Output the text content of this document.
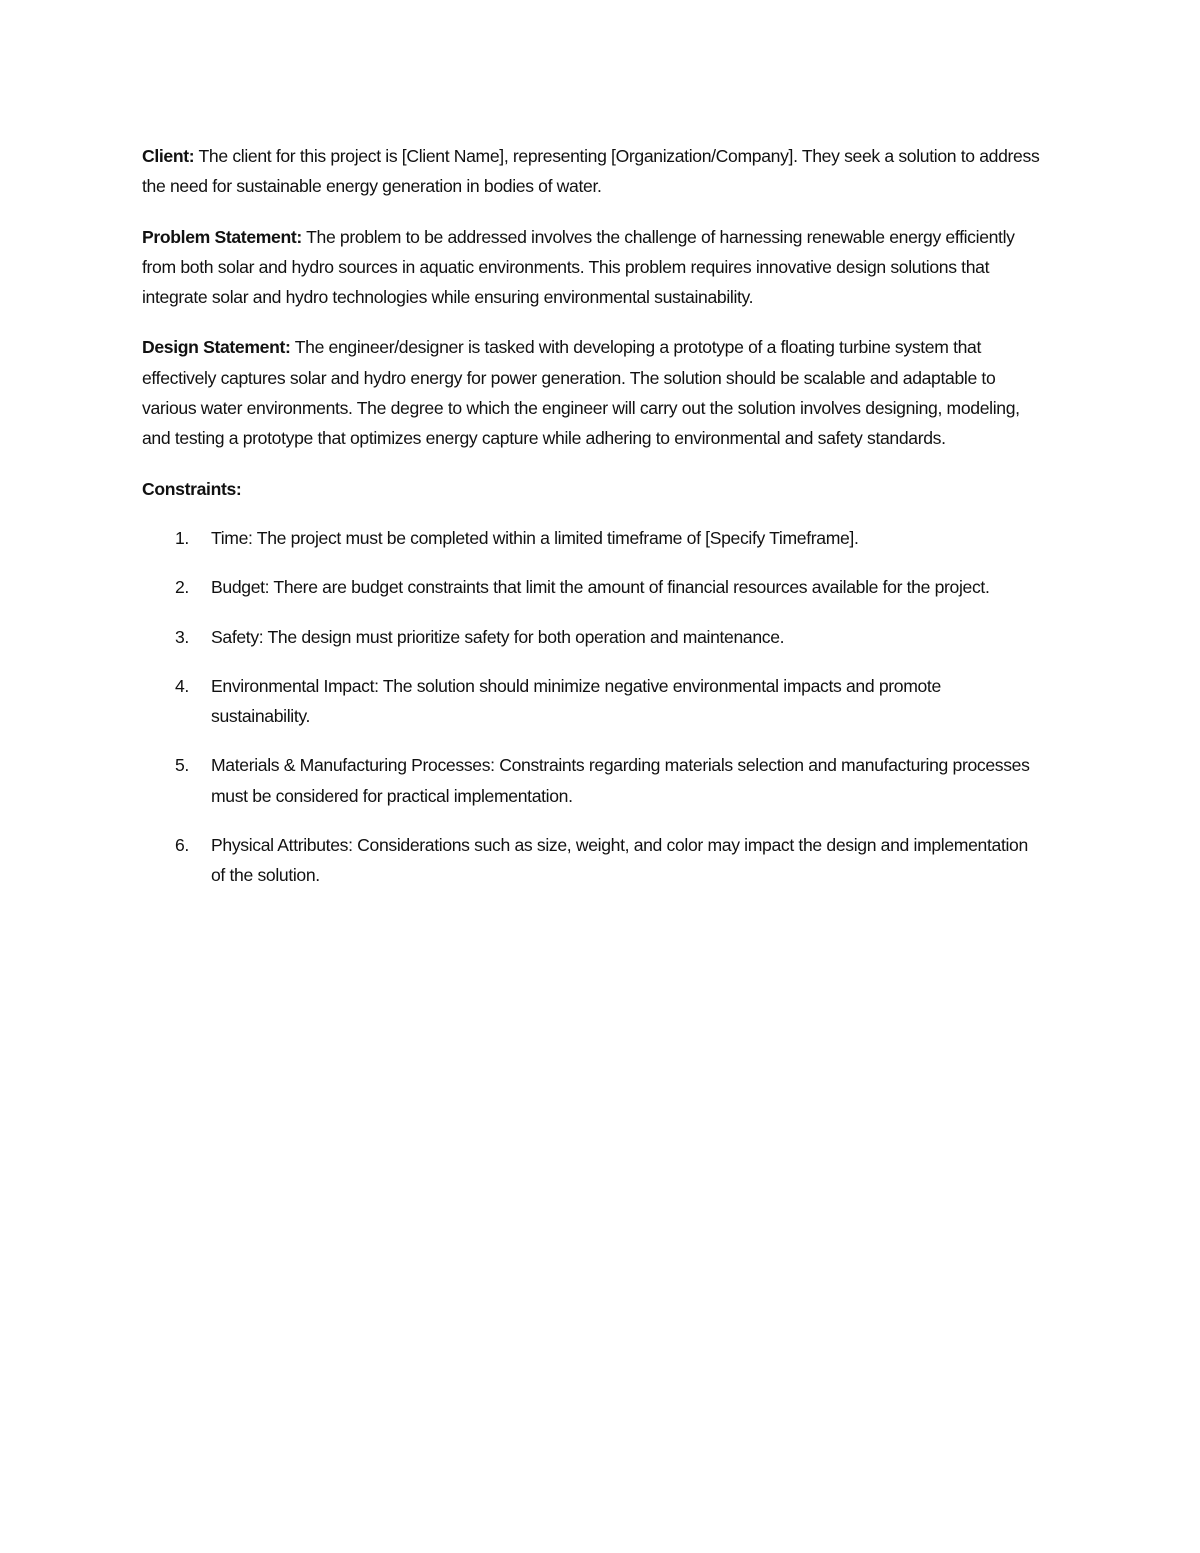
Client: The client for this project is [Client Name], representing [Organization/Company]. They seek a solution to address the need for sustainable energy generation in bodies of water.

Problem Statement: The problem to be addressed involves the challenge of harnessing renewable energy efficiently from both solar and hydro sources in aquatic environments. This problem requires innovative design solutions that integrate solar and hydro technologies while ensuring environmental sustainability.

Design Statement: The engineer/designer is tasked with developing a prototype of a floating turbine system that effectively captures solar and hydro energy for power generation. The solution should be scalable and adaptable to various water environments. The degree to which the engineer will carry out the solution involves designing, modeling, and testing a prototype that optimizes energy capture while adhering to environmental and safety standards.

Constraints:

1. Time: The project must be completed within a limited timeframe of [Specify Timeframe].
2. Budget: There are budget constraints that limit the amount of financial resources available for the project.
3. Safety: The design must prioritize safety for both operation and maintenance.
4. Environmental Impact: The solution should minimize negative environmental impacts and promote sustainability.
5. Materials & Manufacturing Processes: Constraints regarding materials selection and manufacturing processes must be considered for practical implementation.
6. Physical Attributes: Considerations such as size, weight, and color may impact the design and implementation of the solution.
